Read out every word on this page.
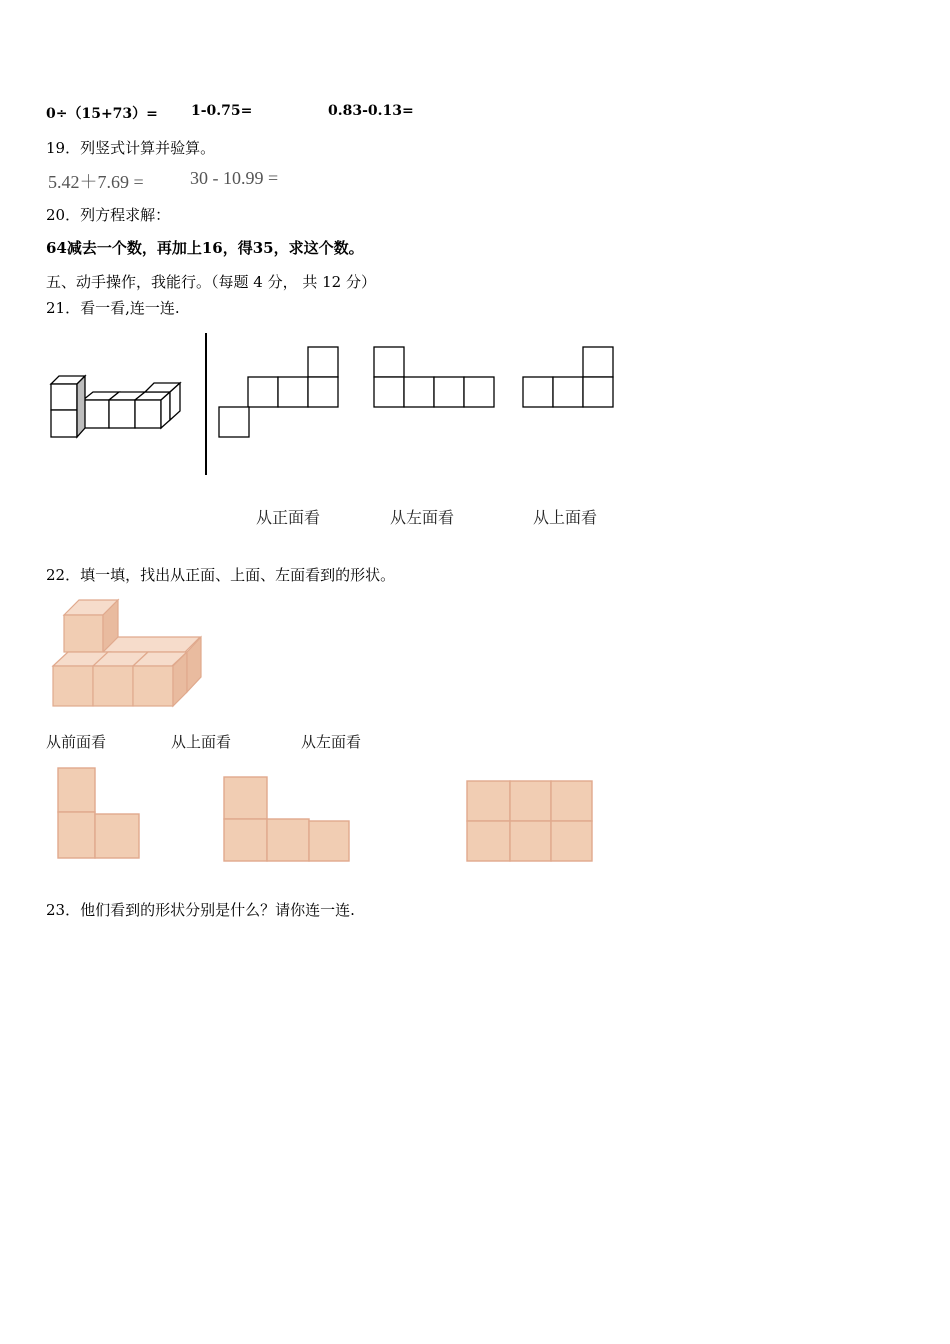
0÷（15+73）= 1-0.75=	0.83-0.13=
19．列竖式计算并验算。
5.42＋7.69 =	30 - 10.99 =
20．列方程求解：
64减去一个数，再加上16，得35，求这个数。
五、动手操作，我能行。（每题 4 分， 共 12 分）
21．看一看,连一连.
从正面看	从左面看	从上面看
22．填一填，找出从正面、上面、左面看到的形状。
从前面看	从上面看	从左面看
23．他们看到的形状分别是什么？请你连一连.
